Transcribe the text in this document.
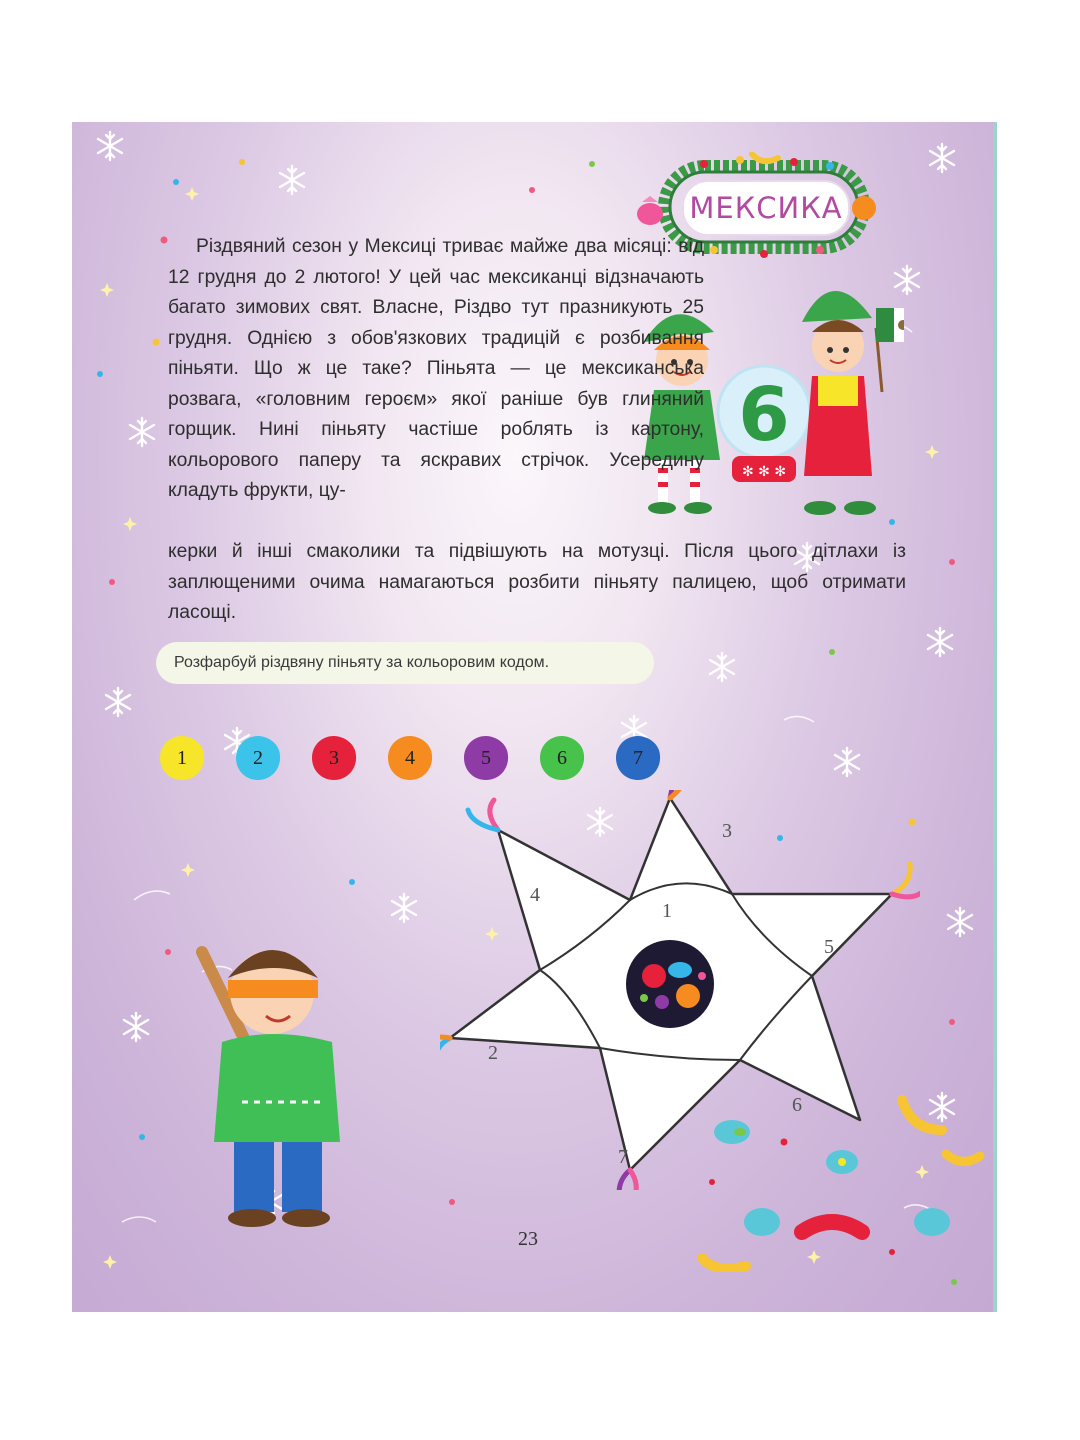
МЕКСИКА
✻ ✻ ✻
6

Різдвяний сезон у Мексиці триває майже два місяці: від 12 грудня до 2 лютого! У цей час мексиканці відзначають багато зимових свят. Власне, Різдво тут празникують 25 грудня. Однією з обов'язкових традицій є розбивання піньяти. Що ж це таке? Піньята — це мексиканська розвага, «головним героєм» якої раніше був глиняний горщик. Нині піньяту частіше роблять із картону, кольорового паперу та яскравих стрічок. Усередину кладуть фрукти, цу-

керки й інші смаколики та підвішують на мотузці. Після цього дітлахи із заплющеними очима намагаються розбити піньяту палицею, щоб отримати ласощі.

Розфарбуй різдвяну піньяту за кольоровим кодом.
1	2	3	4	5	6	7
1
2
3
4
5
6
7
23
